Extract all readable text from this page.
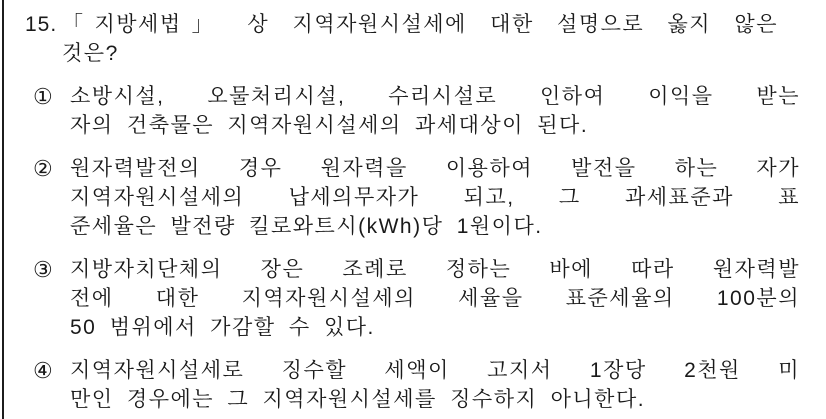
15. 「지방세법」 상 지역자원시설세에 대한 설명으로 옳지 않은
것은?
① 소방시설, 오물처리시설, 수리시설로 인하여 이익을 받는
자의 건축물은 지역자원시설세의 과세대상이 된다.
② 원자력발전의 경우 원자력을 이용하여 발전을 하는 자가
지역자원시설세의 납세의무자가 되고, 그 과세표준과 표
준세율은 발전량 킬로와트시(kWh)당 1원이다.
③ 지방자치단체의 장은 조례로 정하는 바에 따라 원자력발
전에 대한 지역자원시설세의 세율을 표준세율의 100분의
50 범위에서 가감할 수 있다.
④ 지역자원시설세로 징수할 세액이 고지서 1장당 2천원 미
만인 경우에는 그 지역자원시설세를 징수하지 아니한다.
